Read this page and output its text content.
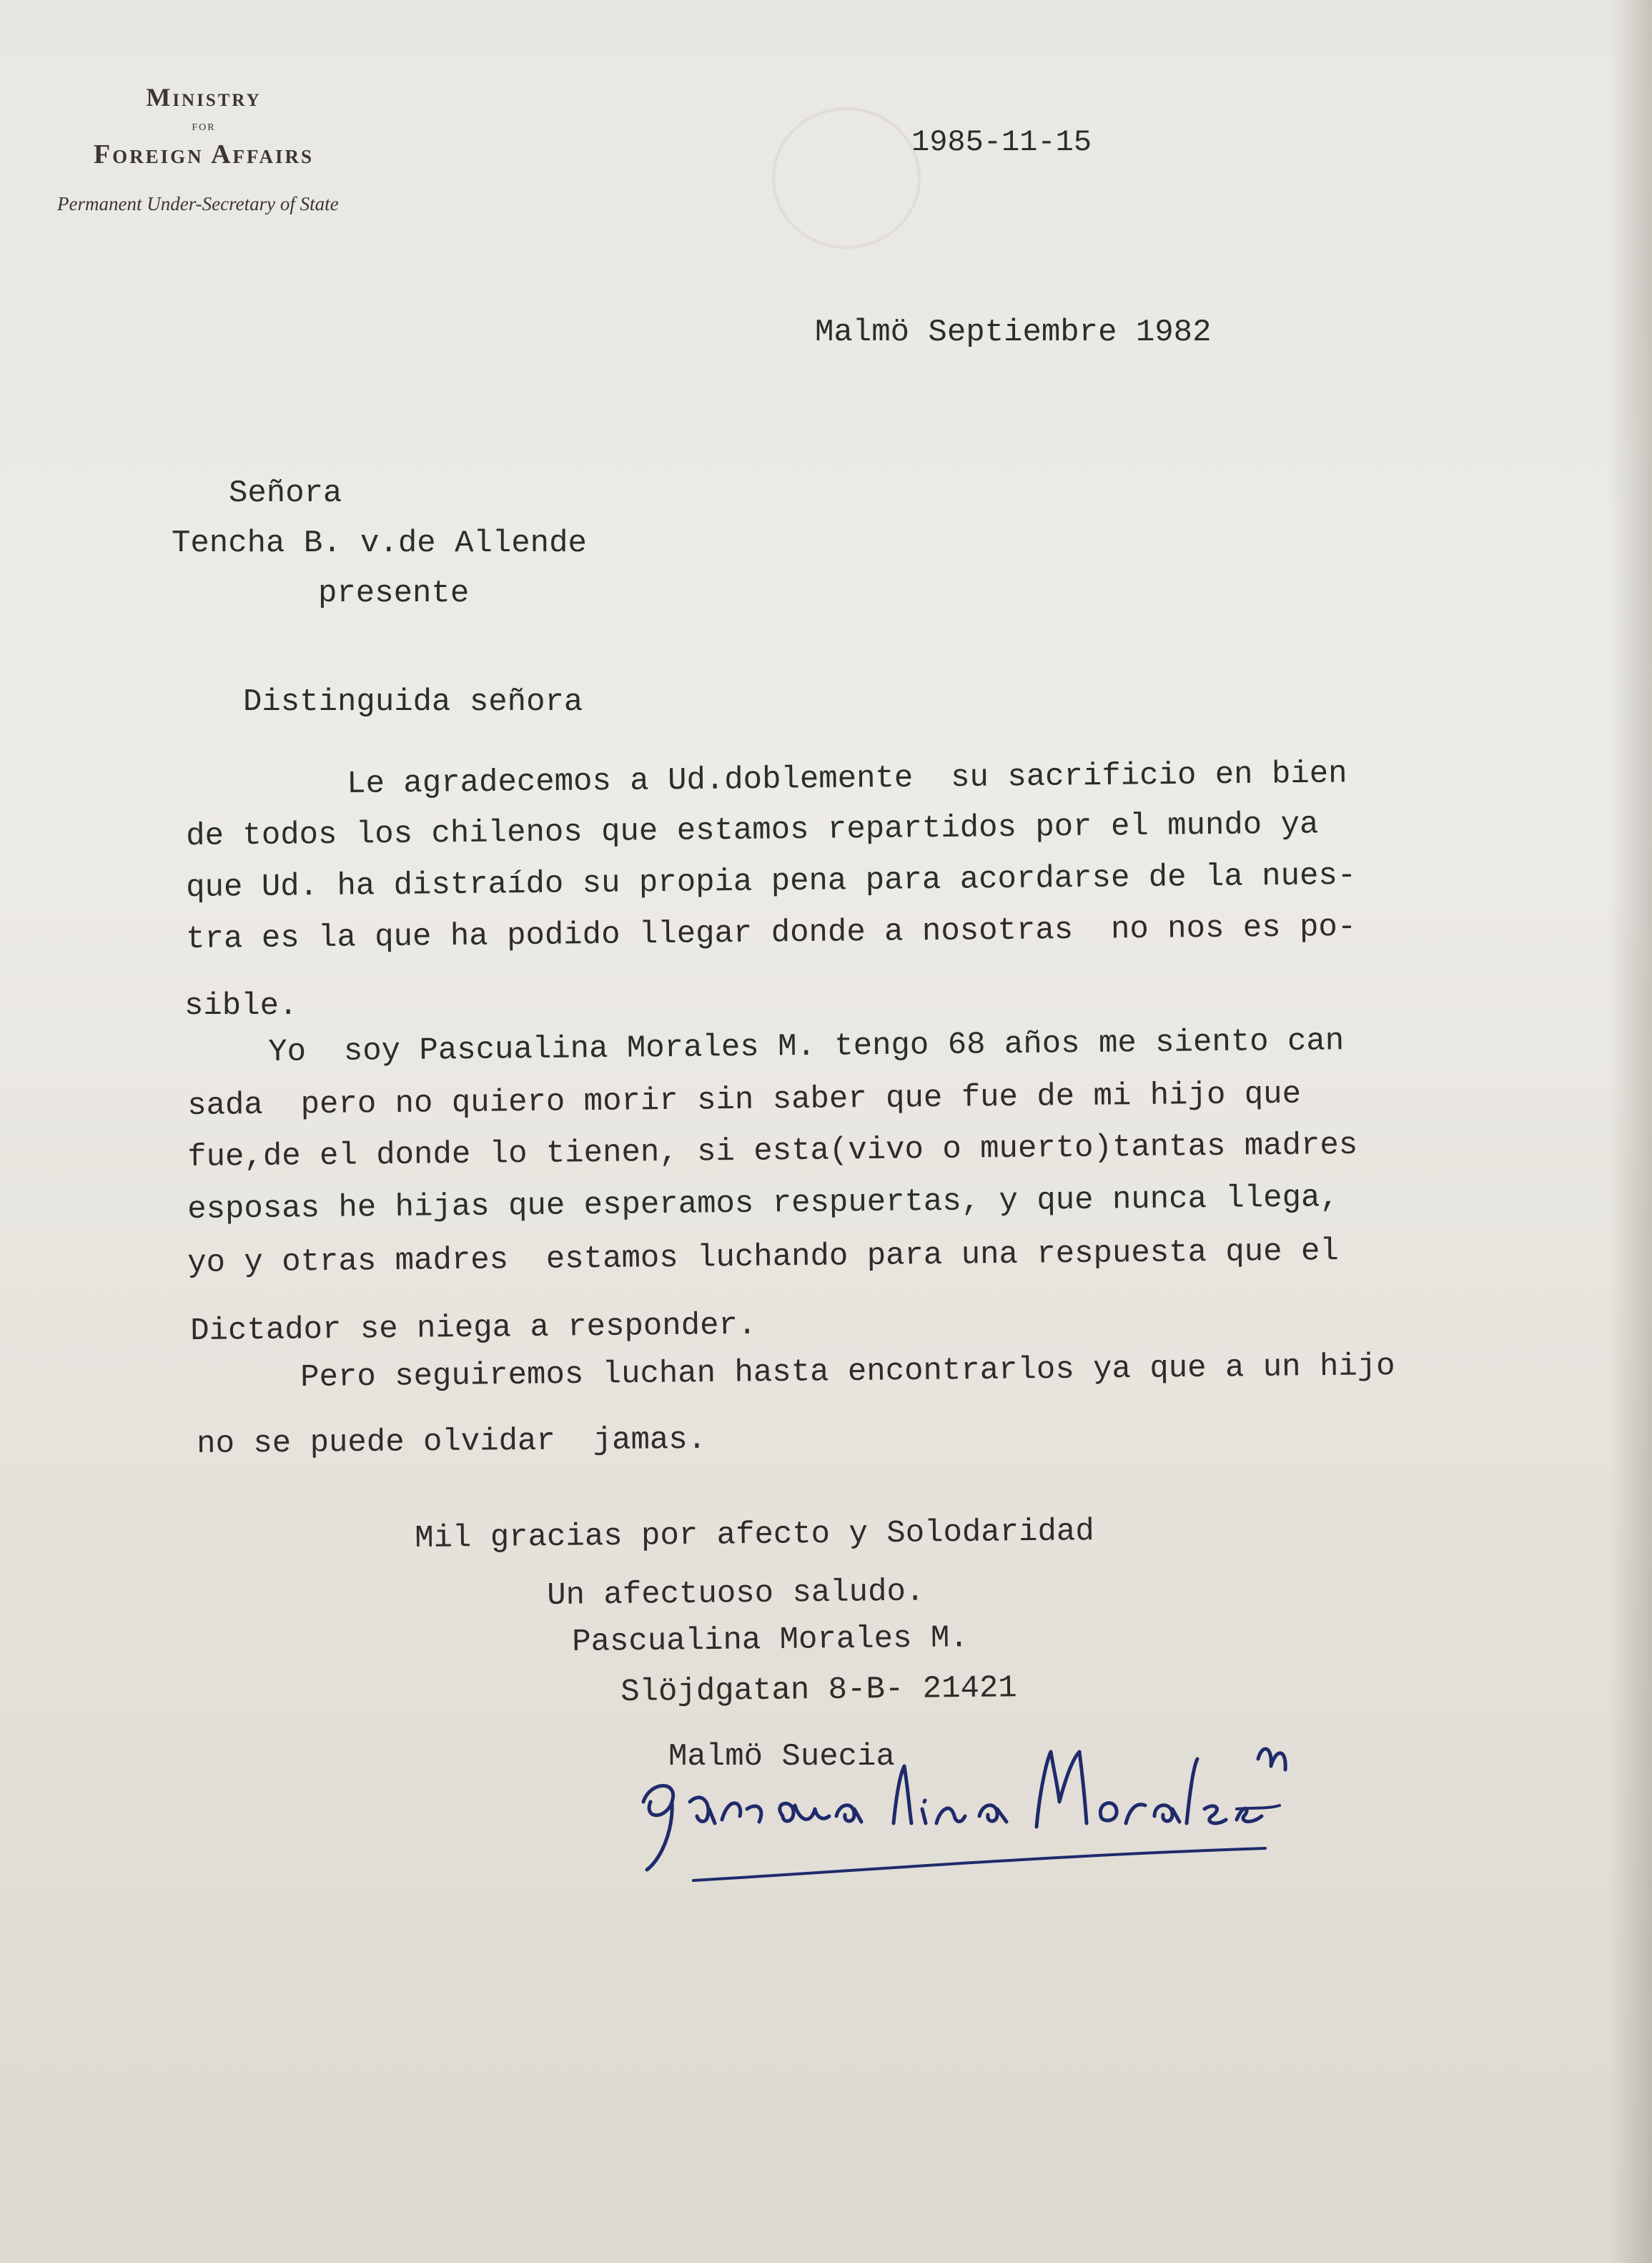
Ministry
for
Foreign Affairs
Permanent Under-Secretary of State
1985-11-15
Malmö Septiembre 1982
Señora
Tencha B. v.de Allende
presente
Distinguida señora
Le agradecemos a Ud.doblemente  su sacrificio en bien
de todos los chilenos que estamos repartidos por el mundo ya
que Ud. ha distraído su propia pena para acordarse de la nues-
tra es la que ha podido llegar donde a nosotras  no nos es po-
sible.
Yo  soy Pascualina Morales M. tengo 68 años me siento can
sada  pero no quiero morir sin saber que fue de mi hijo que
fue,de el donde lo tienen, si esta(vivo o muerto)tantas madres
esposas he hijas que esperamos respuertas, y que nunca llega,
yo y otras madres  estamos luchando para una respuesta que el
Dictador se niega a responder.
Pero seguiremos luchan hasta encontrarlos ya que a un hijo
no se puede olvidar  jamas.
Mil gracias por afecto y Solodaridad
Un afectuoso saludo.
Pascualina Morales M.
Slöjdgatan 8-B- 21421
Malmö Suecia
